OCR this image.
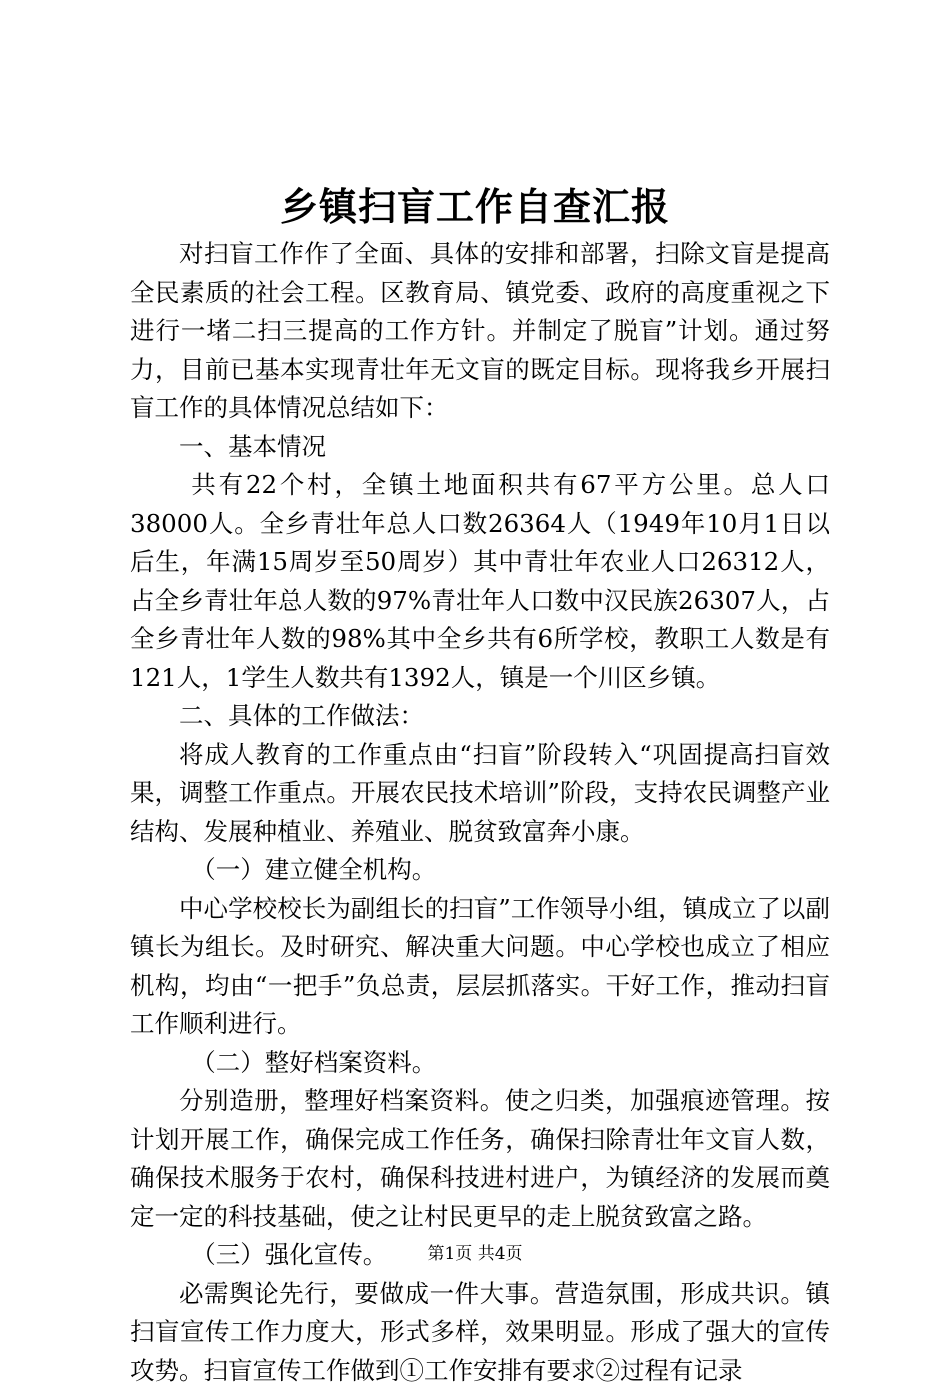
乡镇扫盲工作自查汇报

对扫盲工作作了全面、具体的安排和部署，扫除文盲是提高全民素质的社会工程。区教育局、镇党委、政府的高度重视之下进行一堵二扫三提高的工作方针。并制定了脱盲”计划。通过努力，目前已基本实现青壮年无文盲的既定目标。现将我乡开展扫盲工作的具体情况总结如下：

一、基本情况

共有22个村，全镇土地面积共有67平方公里。总人口38000人。全乡青壮年总人口数26364人（1949年10月1日以后生，年满15周岁至50周岁）其中青壮年农业人口26312人，占全乡青壮年总人数的97%青壮年人口数中汉民族26307人，占全乡青壮年人数的98%其中全乡共有6所学校，教职工人数是有121人，1学生人数共有1392人，镇是一个川区乡镇。

二、具体的工作做法：

将成人教育的工作重点由“扫盲”阶段转入“巩固提高扫盲效果，调整工作重点。开展农民技术培训”阶段，支持农民调整产业结构、发展种植业、养殖业、脱贫致富奔小康。

（一）建立健全机构。

中心学校校长为副组长的扫盲”工作领导小组，镇成立了以副镇长为组长。及时研究、解决重大问题。中心学校也成立了相应机构，均由“一把手”负总责，层层抓落实。干好工作，推动扫盲工作顺利进行。

（二）整好档案资料。

分别造册，整理好档案资料。使之归类，加强痕迹管理。按计划开展工作，确保完成工作任务，确保扫除青壮年文盲人数，确保技术服务于农村，确保科技进村进户，为镇经济的发展而奠定一定的科技基础，使之让村民更早的走上脱贫致富之路。

（三）强化宣传。

必需舆论先行，要做成一件大事。营造氛围，形成共识。镇扫盲宣传工作力度大，形式多样，效果明显。形成了强大的宣传攻势。扫盲宣传工作做到①工作安排有要求②过程有记录

第1页 共4页
